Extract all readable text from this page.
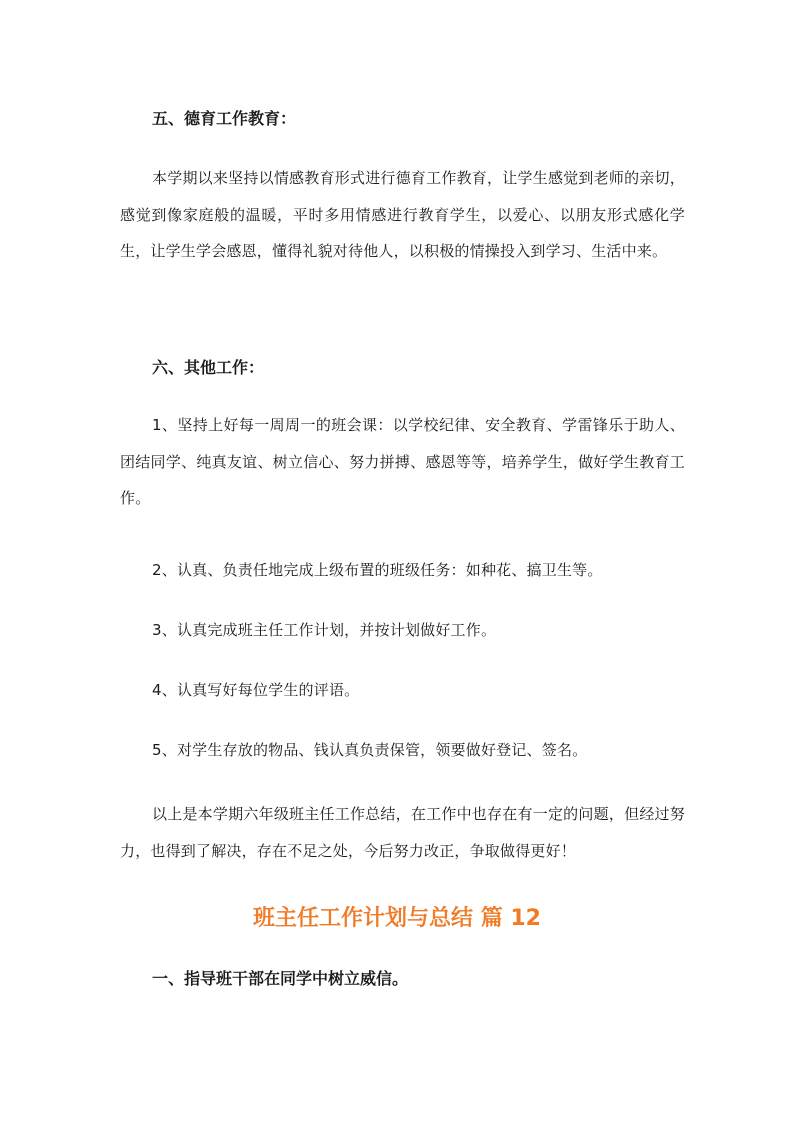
五、德育工作教育：

本学期以来坚持以情感教育形式进行德育工作教育，让学生感觉到老师的亲切，感觉到像家庭般的温暖，平时多用情感进行教育学生，以爱心、以朋友形式感化学生，让学生学会感恩，懂得礼貌对待他人，以积极的情操投入到学习、生活中来。

六、其他工作：

1、坚持上好每一周周一的班会课：以学校纪律、安全教育、学雷锋乐于助人、团结同学、纯真友谊、树立信心、努力拼搏、感恩等等，培养学生，做好学生教育工作。

2、认真、负责任地完成上级布置的班级任务：如种花、搞卫生等。

3、认真完成班主任工作计划，并按计划做好工作。

4、认真写好每位学生的评语。

5、对学生存放的物品、钱认真负责保管，领要做好登记、签名。

以上是本学期六年级班主任工作总结，在工作中也存在有一定的问题，但经过努力，也得到了解决，存在不足之处，今后努力改正，争取做得更好！

班主任工作计划与总结 篇 12
一、指导班干部在同学中树立威信。
